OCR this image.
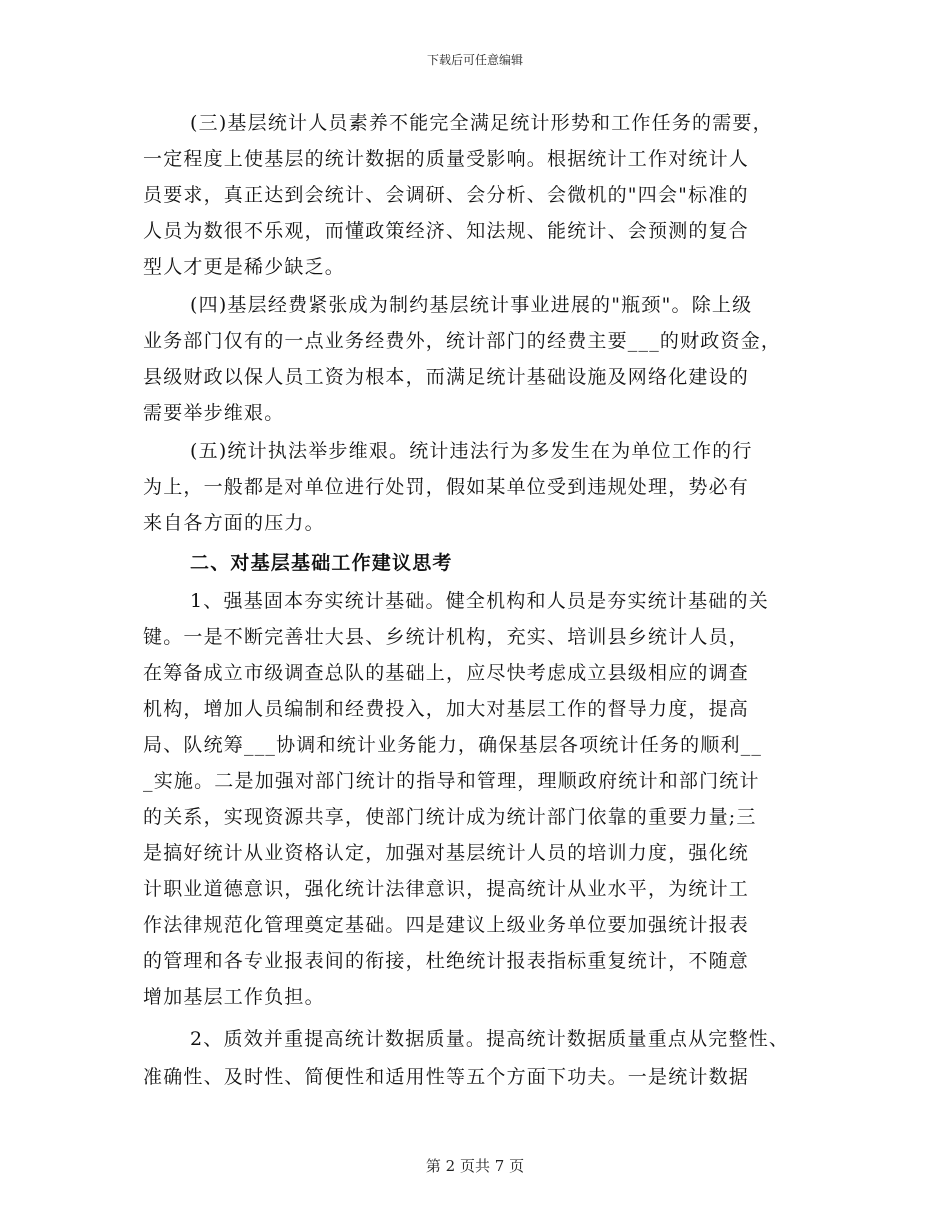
下载后可任意编辑
(三)基层统计人员素养不能完全满足统计形势和工作任务的需要，
一定程度上使基层的统计数据的质量受影响。根据统计工作对统计人
员要求，真正达到会统计、会调研、会分析、会微机的"四会"标准的
人员为数很不乐观，而懂政策经济、知法规、能统计、会预测的复合
型人才更是稀少缺乏。
(四)基层经费紧张成为制约基层统计事业进展的"瓶颈"。除上级
业务部门仅有的一点业务经费外，统计部门的经费主要___的财政资金，
县级财政以保人员工资为根本，而满足统计基础设施及网络化建设的
需要举步维艰。
(五)统计执法举步维艰。统计违法行为多发生在为单位工作的行
为上，一般都是对单位进行处罚，假如某单位受到违规处理，势必有
来自各方面的压力。
二、对基层基础工作建议思考
1、强基固本夯实统计基础。健全机构和人员是夯实统计基础的关
键。一是不断完善壮大县、乡统计机构，充实、培训县乡统计人员，
在筹备成立市级调查总队的基础上，应尽快考虑成立县级相应的调查
机构，增加人员编制和经费投入，加大对基层工作的督导力度，提高
局、队统筹___协调和统计业务能力，确保基层各项统计任务的顺利__
_实施。二是加强对部门统计的指导和管理，理顺政府统计和部门统计
的关系，实现资源共享，使部门统计成为统计部门依靠的重要力量;三
是搞好统计从业资格认定，加强对基层统计人员的培训力度，强化统
计职业道德意识，强化统计法律意识，提高统计从业水平，为统计工
作法律规范化管理奠定基础。四是建议上级业务单位要加强统计报表
的管理和各专业报表间的衔接，杜绝统计报表指标重复统计，不随意
增加基层工作负担。
2、质效并重提高统计数据质量。提高统计数据质量重点从完整性、
准确性、及时性、简便性和适用性等五个方面下功夫。一是统计数据
第 2 页共 7 页
